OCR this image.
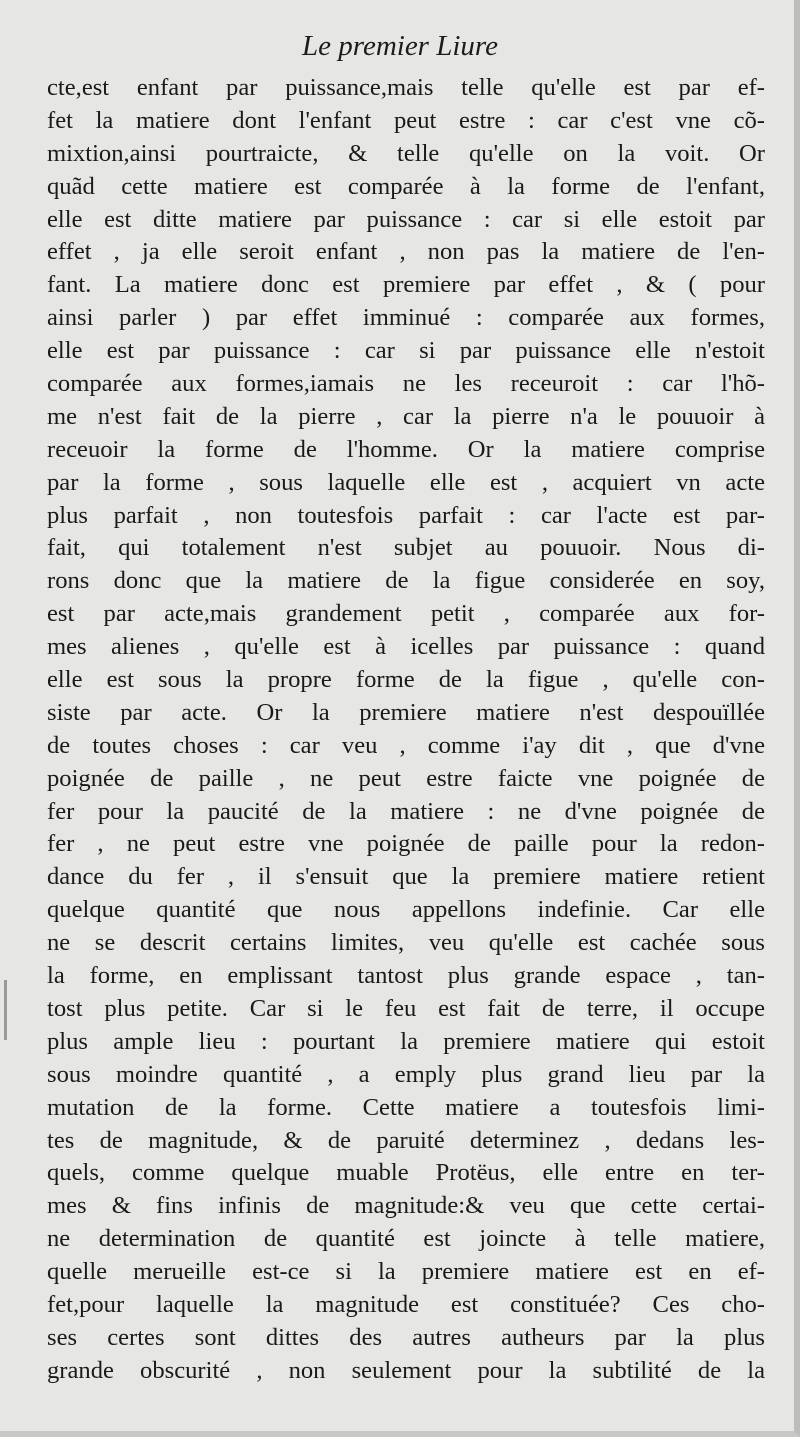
Le premier Liure
cte,est enfant par puissance,mais telle qu'elle est par ef-
fet la matiere dont l'enfant peut estre : car c'est vne cõ-
mixtion,ainsi pourtraicte, & telle qu'elle on la voit. Or
quãd cette matiere est comparée à la forme de l'enfant,
elle est ditte matiere par puissance : car si elle estoit par
effet , ja elle seroit enfant , non pas la matiere de l'en-
fant. La matiere donc est premiere par effet , & ( pour
ainsi parler ) par effet imminué : comparée aux formes,
elle est par puissance : car si par puissance elle n'estoit
comparée aux formes,iamais ne les receuroit : car l'hõ-
me n'est fait de la pierre , car la pierre n'a le pouuoir à
receuoir la forme de l'homme. Or la matiere comprise
par la forme , sous laquelle elle est , acquiert vn acte
plus parfait , non toutesfois parfait : car l'acte est par-
fait, qui totalement n'est subjet au pouuoir. Nous di-
rons donc que la matiere de la figue considerée en soy,
est par acte,mais grandement petit , comparée aux for-
mes alienes , qu'elle est à icelles par puissance : quand
elle est sous la propre forme de la figue , qu'elle con-
siste par acte. Or la premiere matiere n'est despouïllée
de toutes choses : car veu , comme i'ay dit , que d'vne
poignée de paille , ne peut estre faicte vne poignée de
fer pour la paucité de la matiere : ne d'vne poignée de
fer , ne peut estre vne poignée de paille pour la redon-
dance du fer , il s'ensuit que la premiere matiere retient
quelque quantité que nous appellons indefinie. Car elle
ne se descrit certains limites, veu qu'elle est cachée sous
la forme, en emplissant tantost plus grande espace , tan-
tost plus petite. Car si le feu est fait de terre, il occupe
plus ample lieu : pourtant la premiere matiere qui estoit
sous moindre quantité , a emply plus grand lieu par la
mutation de la forme. Cette matiere a toutesfois limi-
tes de magnitude, & de paruité determinez , dedans les-
quels, comme quelque muable Protëus, elle entre en ter-
mes & fins infinis de magnitude:& veu que cette certai-
ne determination de quantité est joincte à telle matiere,
quelle merueille est-ce si la premiere matiere est en ef-
fet,pour laquelle la magnitude est constituée? Ces cho-
ses certes sont dittes des autres autheurs par la plus
grande obscurité , non seulement pour la subtilité de la
